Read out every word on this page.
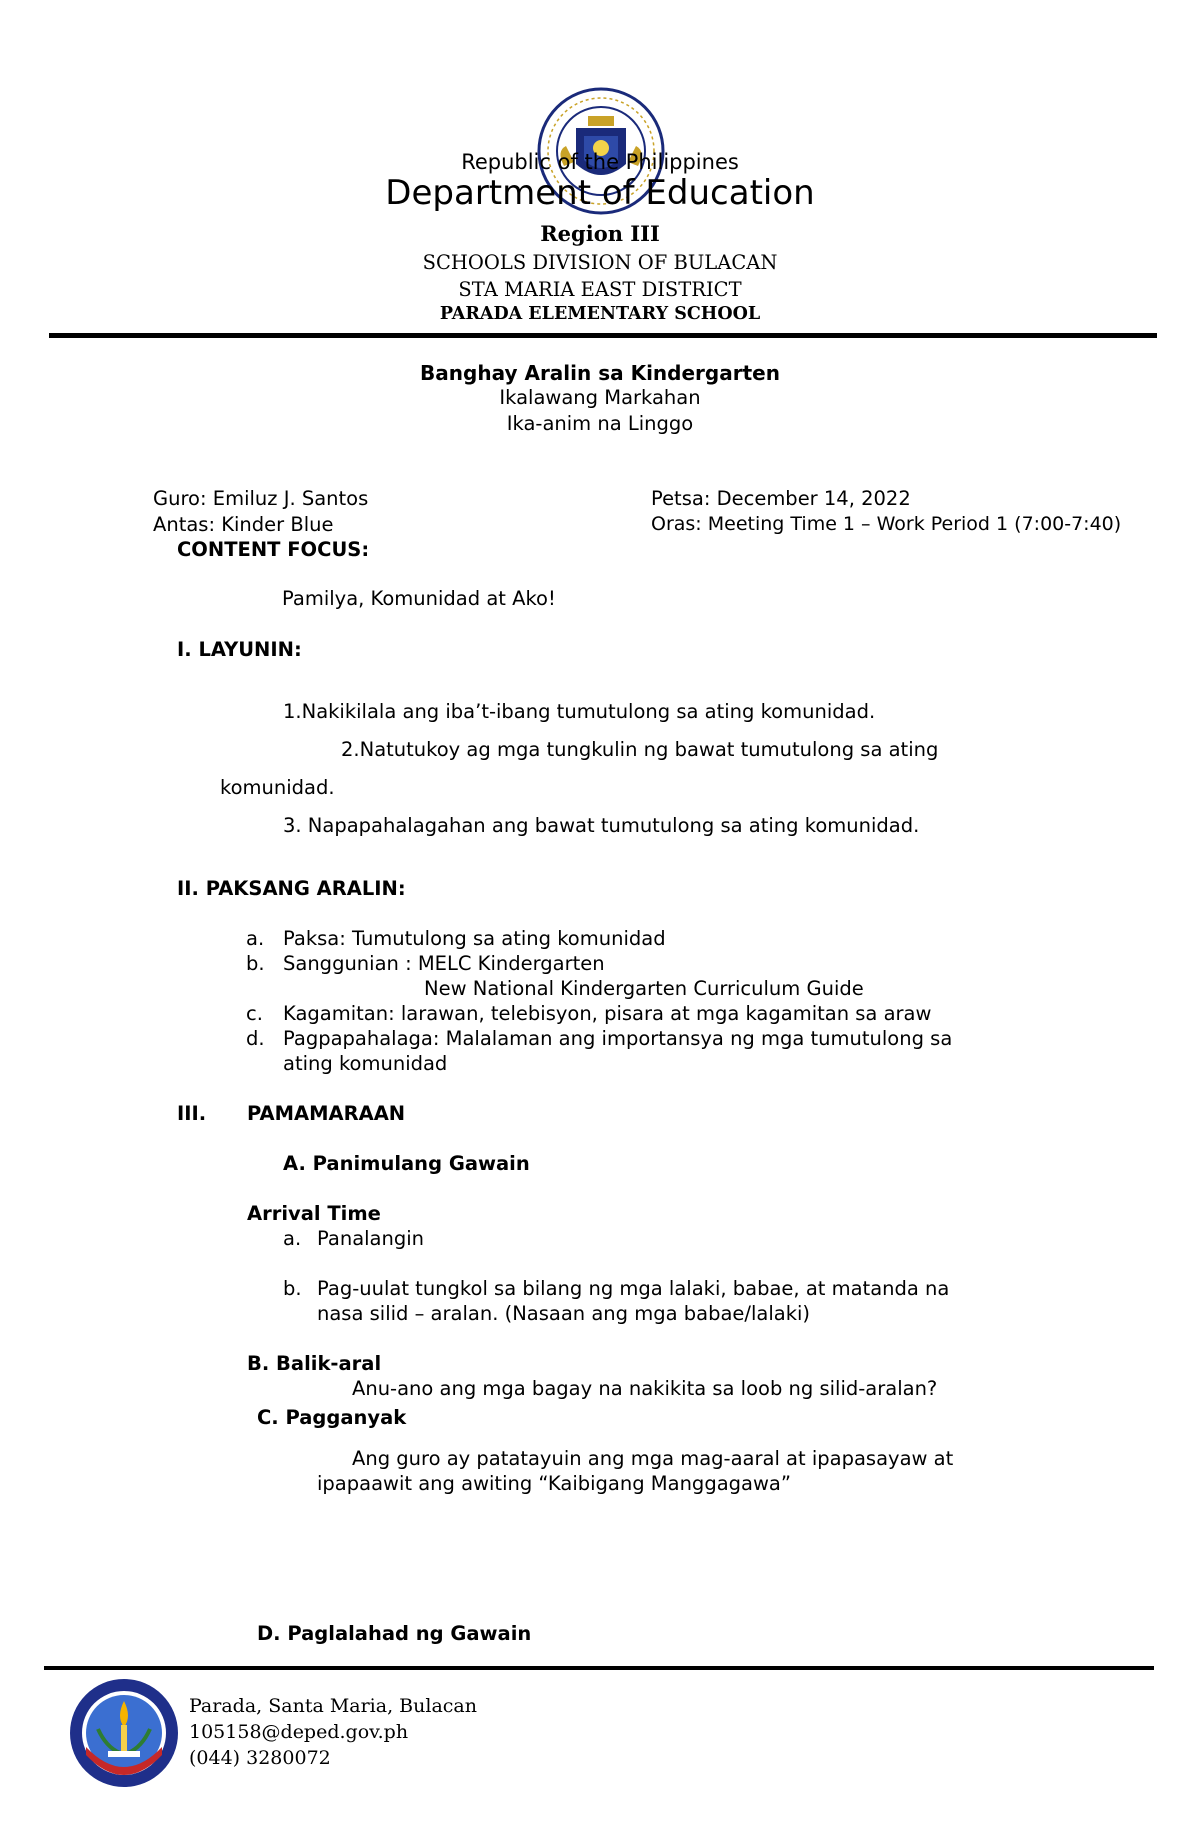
Republic of the Philippines
Department of Education
Region III
SCHOOLS DIVISION OF BULACAN
STA MARIA EAST DISTRICT
PARADA ELEMENTARY SCHOOL
Banghay Aralin sa Kindergarten
Ikalawang Markahan
Ika-anim na Linggo
Guro: Emiluz J. Santos
Antas: Kinder Blue
Petsa: December 14, 2022
Oras: Meeting Time 1 – Work Period 1 (7:00-7:40)
CONTENT FOCUS:
Pamilya, Komunidad at Ako!
I. LAYUNIN:
1.Nakikilala ang iba’t-ibang tumutulong sa ating komunidad.
2.Natutukoy ag mga tungkulin ng bawat tumutulong sa ating
komunidad.
3. Napapahalagahan ang bawat tumutulong sa ating komunidad.
II. PAKSANG ARALIN:
a. Paksa: Tumutulong sa ating komunidad
b. Sanggunian : MELC Kindergarten
New National Kindergarten Curriculum Guide
c. Kagamitan: larawan, telebisyon, pisara at mga kagamitan sa araw
d. Pagpapahalaga: Malalaman ang importansya ng mga tumutulong sa
ating komunidad
III. PAMAMARAAN
A. Panimulang Gawain
Arrival Time
a. Panalangin
b. Pag-uulat tungkol sa bilang ng mga lalaki, babae, at matanda na
nasa silid – aralan. (Nasaan ang mga babae/lalaki)
B. Balik-aral
Anu-ano ang mga bagay na nakikita sa loob ng silid-aralan?
C. Pagganyak
Ang guro ay patatayuin ang mga mag-aaral at ipapasayaw at
ipapaawit ang awiting “Kaibigang Manggagawa”
D. Paglalahad ng Gawain
Parada, Santa Maria, Bulacan
105158@deped.gov.ph
(044) 3280072
